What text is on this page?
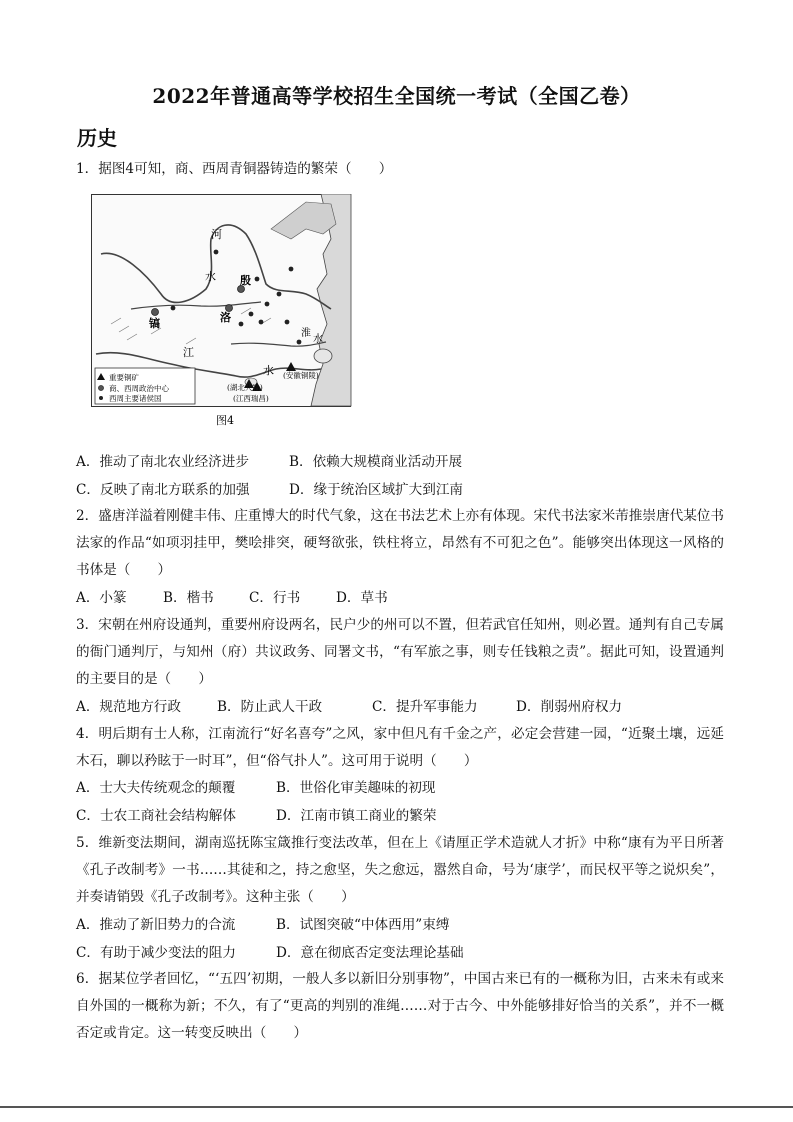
2022年普通高等学校招生全国统一考试（全国乙卷）
历史
1．据图4可知，商、西周青铜器铸造的繁荣（　　）
河
水 殷
洛
镐
淮
水
江
水
(湖北大冶)
(江西瑞昌)
(安徽铜陵)
重要铜矿
商、西周政治中心
西周主要诸侯国
图4
A．推动了南北农业经济进步	B．依赖大规模商业活动开展
C．反映了南北方联系的加强	D．缘于统治区域扩大到江南
2．盛唐洋溢着刚健丰伟、庄重博大的时代气象，这在书法艺术上亦有体现。宋代书法家米芾推崇唐代某位书法家的作品“如项羽挂甲，樊哙排突，硬弩欲张，铁柱将立，昂然有不可犯之色”。能够突出体现这一风格的书体是（　　）
A．小篆	B．楷书	C．行书	D．草书
3．宋朝在州府设通判，重要州府设两名，民户少的州可以不置，但若武官任知州，则必置。通判有自己专属的衙门通判厅，与知州（府）共议政务、同署文书，“有军旅之事，则专任钱粮之责”。据此可知，设置通判的主要目的是（　　）
A．规范地方行政	B．防止武人干政	C．提升军事能力	D．削弱州府权力
4．明后期有士人称，江南流行“好名喜夸”之风，家中但凡有千金之产，必定会营建一园，“近聚土壤，远延木石，聊以矜眩于一时耳”，但“俗气扑人”。这可用于说明（　　）
A．士大夫传统观念的颠覆	B．世俗化审美趣味的初现
C．士农工商社会结构解体	D．江南市镇工商业的繁荣
5．维新变法期间，湖南巡抚陈宝箴推行变法改革，但在上《请厘正学术造就人才折》中称“康有为平日所著《孔子改制考》一书……其徒和之，持之愈坚，失之愈远，嚣然自命，号为‘康学’，而民权平等之说炽矣”，并奏请销毁《孔子改制考》。这种主张（　　）
A．推动了新旧势力的合流	B．试图突破“中体西用”束缚
C．有助于减少变法的阻力	D．意在彻底否定变法理论基础
6．据某位学者回忆，“‘五四’初期，一般人多以新旧分别事物”，中国古来已有的一概称为旧，古来未有或来自外国的一概称为新；不久，有了“更高的判别的准绳……对于古今、中外能够排好恰当的关系”，并不一概否定或肯定。这一转变反映出（　　）
